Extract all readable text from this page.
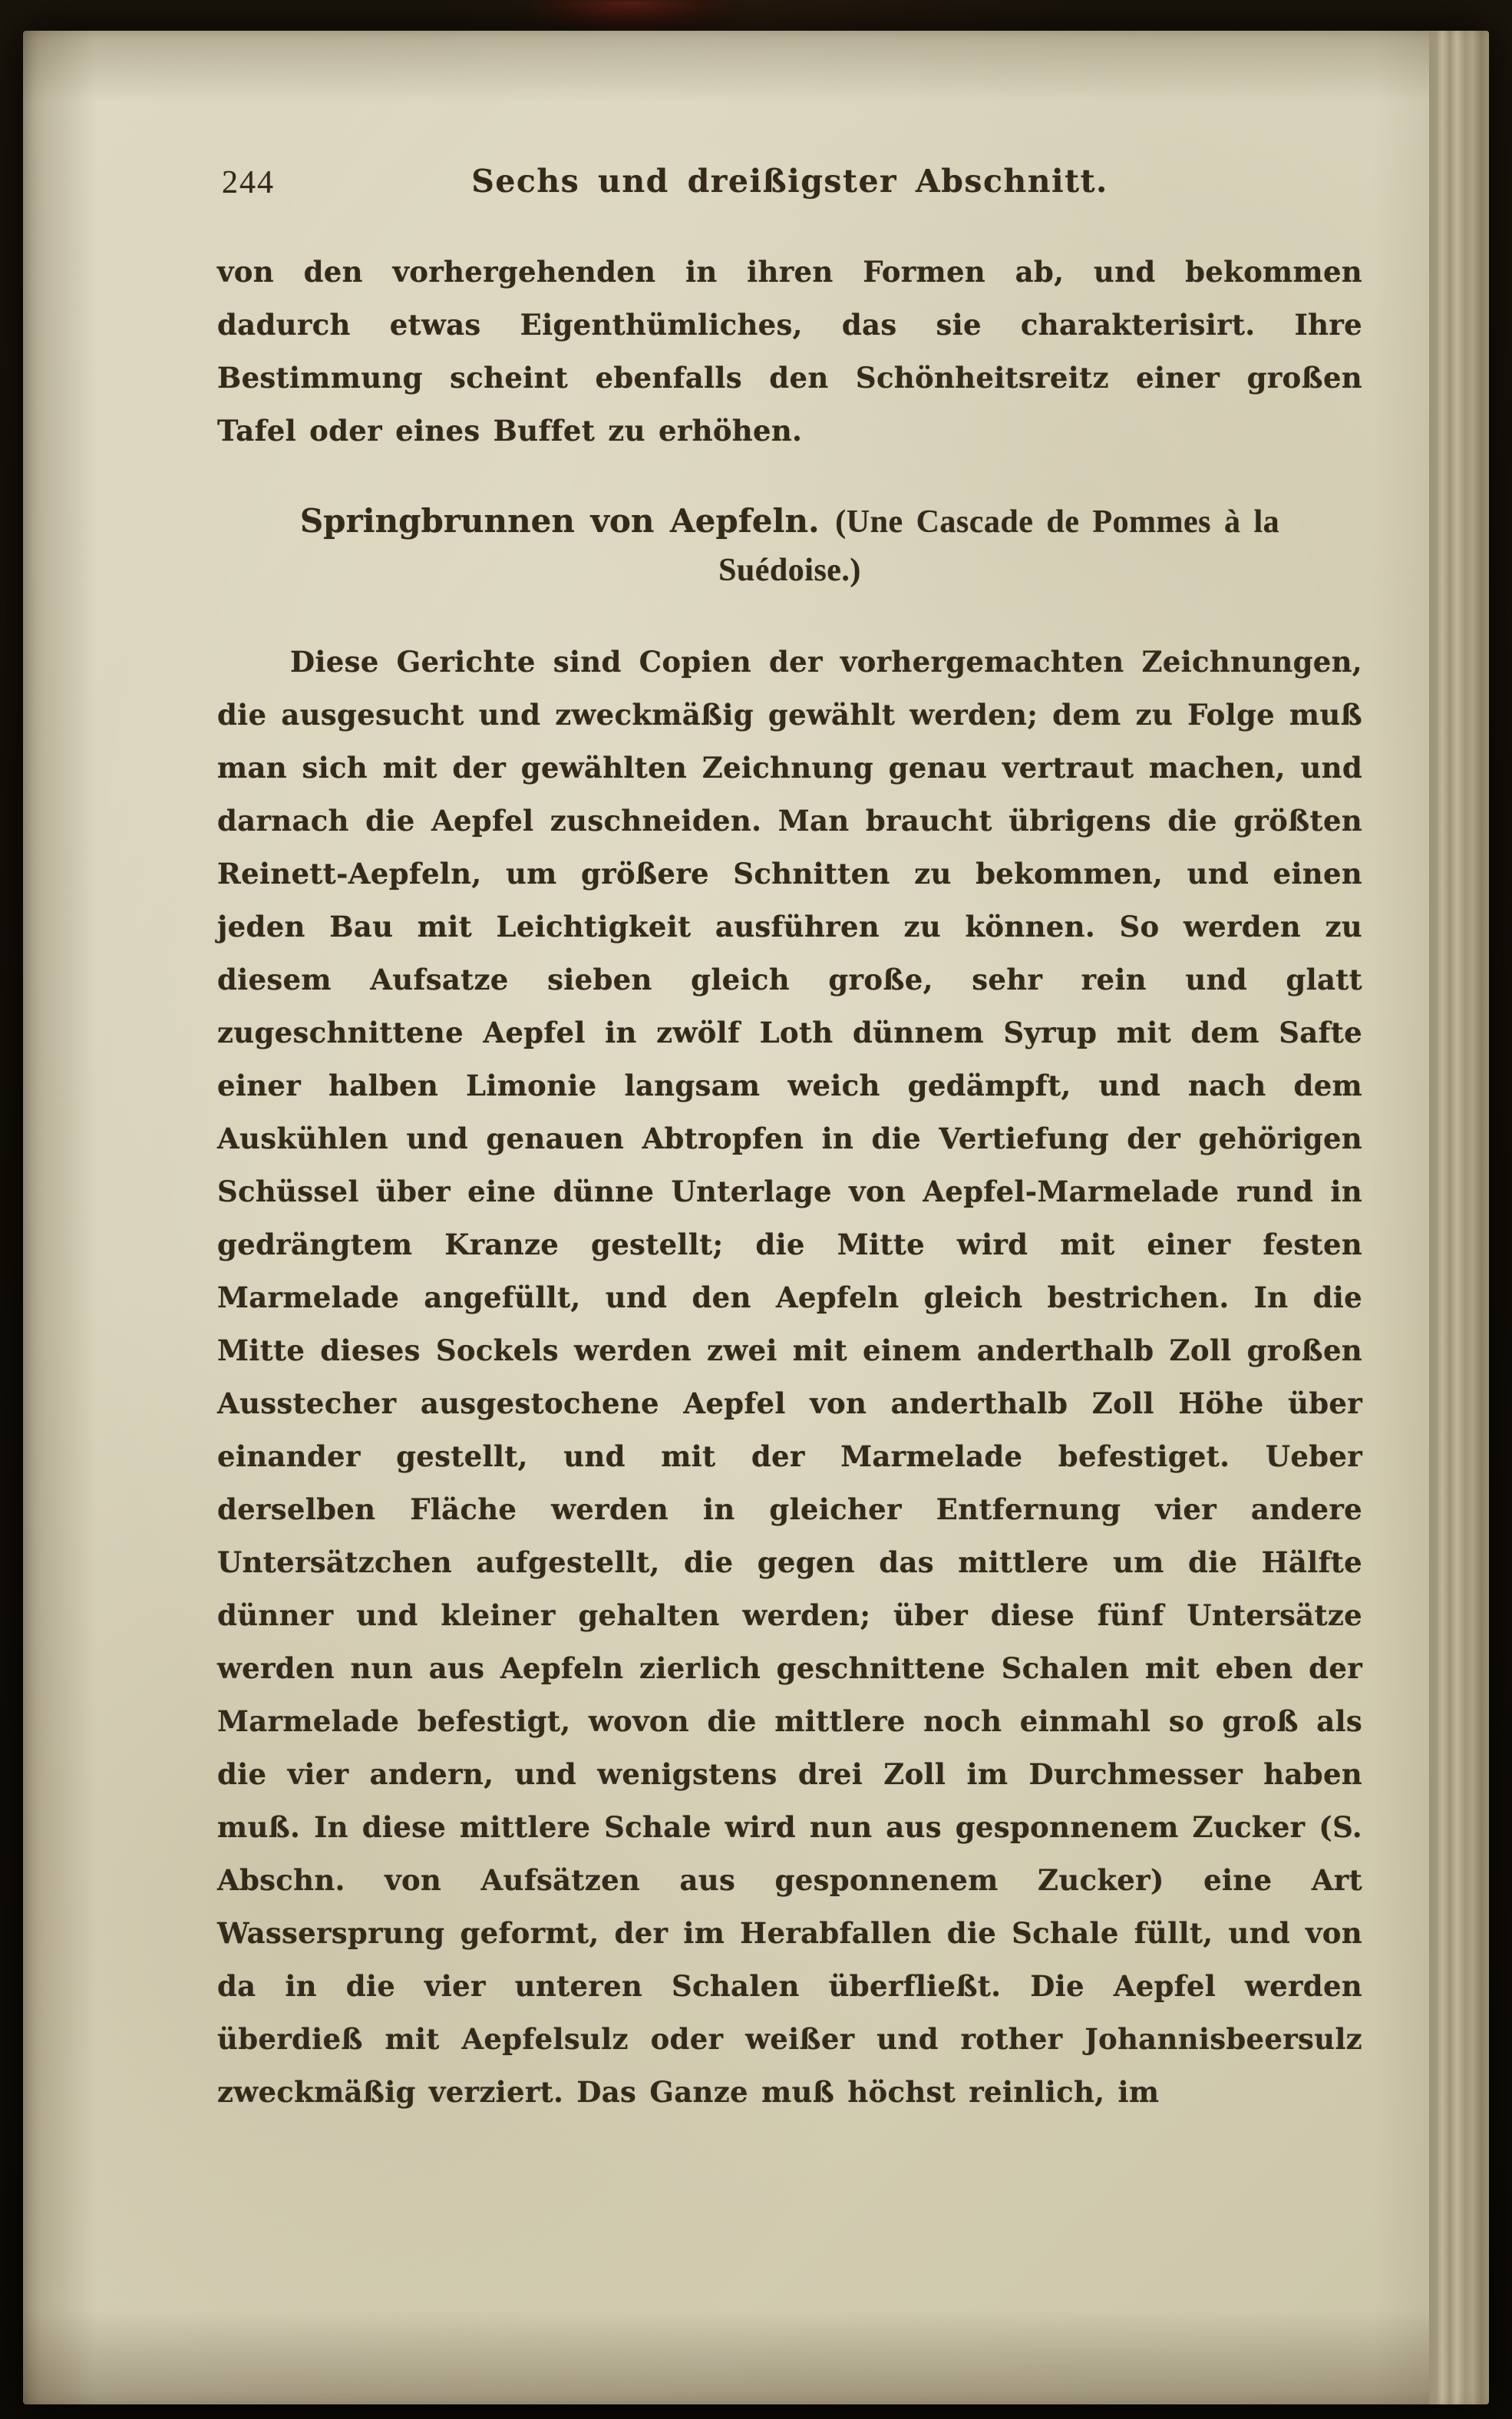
244	Sechs und dreißigster Abschnitt.

von den vorhergehenden in ihren Formen ab, und bekommen dadurch etwas Eigenthümliches, das sie charakterisirt. Ihre Bestimmung scheint ebenfalls den Schönheitsreitz einer großen Tafel oder eines Buffet zu erhöhen.

Springbrunnen von Aepfeln. (Une Cascade de Pommes à la Suédoise.)

Diese Gerichte sind Copien der vorhergemachten Zeichnungen, die ausgesucht und zweckmäßig gewählt werden; dem zu Folge muß man sich mit der gewählten Zeichnung genau vertraut machen, und darnach die Aepfel zuschneiden. Man braucht übrigens die größten Reinett-Aepfeln, um größere Schnitten zu bekommen, und einen jeden Bau mit Leichtigkeit ausführen zu können. So werden zu diesem Aufsatze sieben gleich große, sehr rein und glatt zugeschnittene Aepfel in zwölf Loth dünnem Syrup mit dem Safte einer halben Limonie langsam weich gedämpft, und nach dem Auskühlen und genauen Abtropfen in die Vertiefung der gehörigen Schüssel über eine dünne Unterlage von Aepfel-Marmelade rund in gedrängtem Kranze gestellt; die Mitte wird mit einer festen Marmelade angefüllt, und den Aepfeln gleich bestrichen. In die Mitte dieses Sockels werden zwei mit einem anderthalb Zoll großen Ausstecher ausgestochene Aepfel von anderthalb Zoll Höhe über einander gestellt, und mit der Marmelade befestiget. Ueber derselben Fläche werden in gleicher Entfernung vier andere Untersätzchen aufgestellt, die gegen das mittlere um die Hälfte dünner und kleiner gehalten werden; über diese fünf Untersätze werden nun aus Aepfeln zierlich geschnittene Schalen mit eben der Marmelade befestigt, wovon die mittlere noch einmahl so groß als die vier andern, und wenigstens drei Zoll im Durchmesser haben muß. In diese mittlere Schale wird nun aus gesponnenem Zucker (S. Abschn. von Aufsätzen aus gesponnenem Zucker) eine Art Wassersprung geformt, der im Herabfallen die Schale füllt, und von da in die vier unteren Schalen überfließt. Die Aepfel werden überdieß mit Aepfelsulz oder weißer und rother Johannisbeersulz zweckmäßig verziert. Das Ganze muß höchst reinlich, im
